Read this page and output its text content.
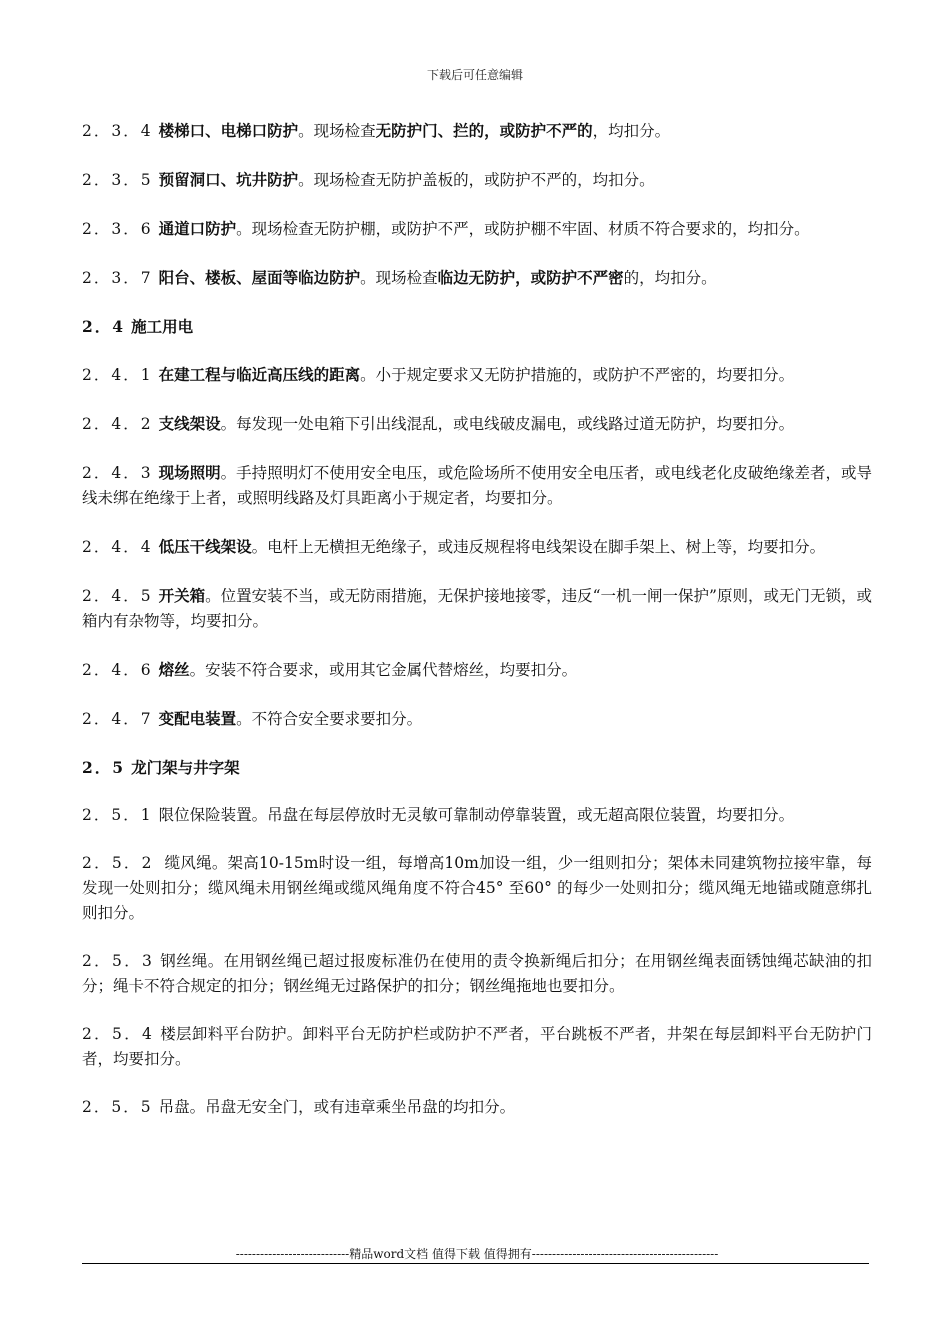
下载后可任意编辑

2．3．4 楼梯口、电梯口防护。现场检查无防护门、拦的，或防护不严的，均扣分。

2．3．5 预留洞口、坑井防护。现场检查无防护盖板的，或防护不严的，均扣分。

2．3．6 通道口防护。现场检查无防护棚，或防护不严，或防护棚不牢固、材质不符合要求的，均扣分。

2．3．7 阳台、楼板、屋面等临边防护。现场检查临边无防护，或防护不严密的，均扣分。

2．4 施工用电

2．4．1 在建工程与临近高压线的距离。小于规定要求又无防护措施的，或防护不严密的，均要扣分。

2．4．2 支线架设。每发现一处电箱下引出线混乱，或电线破皮漏电，或线路过道无防护，均要扣分。

2．4．3 现场照明。手持照明灯不使用安全电压，或危险场所不使用安全电压者，或电线老化皮破绝缘差者，或导线未绑在绝缘于上者，或照明线路及灯具距离小于规定者，均要扣分。

2．4．4 低压干线架设。电杆上无横担无绝缘子，或违反规程将电线架设在脚手架上、树上等，均要扣分。

2．4．5 开关箱。位置安装不当，或无防雨措施，无保护接地接零，违反“一机一闸一保护”原则，或无门无锁，或箱内有杂物等，均要扣分。

2．4．6 熔丝。安装不符合要求，或用其它金属代替熔丝，均要扣分。

2．4．7 变配电装置。不符合安全要求要扣分。

2．5 龙门架与井字架

2．5．1 限位保险装置。吊盘在每层停放时无灵敏可靠制动停靠装置，或无超高限位装置，均要扣分。

2．5．2 缆风绳。架高10-15m时设一组，每增高10m加设一组，少一组则扣分；架体未同建筑物拉接牢靠，每发现一处则扣分；缆风绳未用钢丝绳或缆风绳角度不符合45° 至60° 的每少一处则扣分；缆风绳无地锚或随意绑扎则扣分。

2．5．3 钢丝绳。在用钢丝绳已超过报废标准仍在使用的责令换新绳后扣分；在用钢丝绳表面锈蚀绳芯缺油的扣分；绳卡不符合规定的扣分；钢丝绳无过路保护的扣分；钢丝绳拖地也要扣分。

2．5．4 楼层卸料平台防护。卸料平台无防护栏或防护不严者，平台跳板不严者，井架在每层卸料平台无防护门者，均要扣分。

2．5．5 吊盘。吊盘无安全门，或有违章乘坐吊盘的均扣分。

----------------------------精品word文档 值得下载 值得拥有----------------------------------------------
